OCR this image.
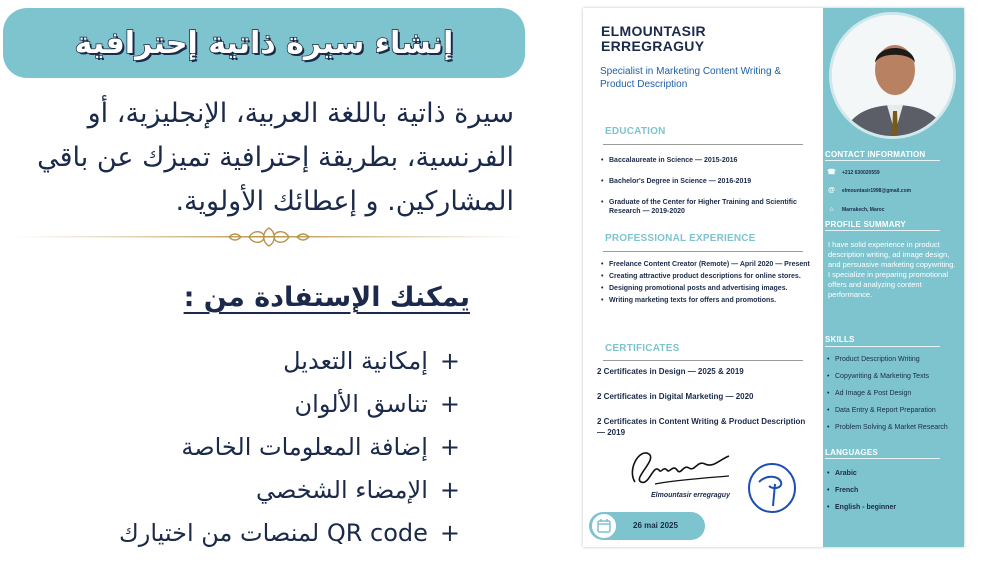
إنشاء سيرة ذاتية إحترافية
سيرة ذاتية باللغة العربية، الإنجليزية، أو الفرنسية، بطريقة إحترافية تميزك عن باقي المشاركين. و إعطائك الأولوية.
يمكنك الإستفادة من :
+إمكانية التعديل
+تناسق الألوان
+إضافة المعلومات الخاصة
+الإمضاء الشخصي
+QR code لمنصات من اختيارك
ELMOUNTASIR
ERREGRAGUY
Specialist in Marketing Content Writing & Product Description
EDUCATION
• Baccalaureate in Science — 2015-2016
• Bachelor's Degree in Science — 2016-2019
• Graduate of the Center for Higher Training and Scientific Research — 2019-2020
PROFESSIONAL EXPERIENCE
• Freelance Content Creator (Remote) — April 2020 — Present
• Creating attractive product descriptions for online stores.
• Designing promotional posts and advertising images.
• Writing marketing texts for offers and promotions.
CERTIFICATES
2 Certificates in Design — 2025 & 2019
2 Certificates in Digital Marketing — 2020
2 Certificates in Content Writing & Product Description — 2019
Elmountasir erregraguy
26 mai 2025
CONTACT INFORMATION
☎ +212 630020559
@ elmountasir1998@gmail.com
⌂	Marrakech, Maroc
PROFILE SUMMARY
I have solid experience in product description writing, ad image design, and persuasive marketing copywriting. I specialize in preparing promotional offers and analyzing content performance.
SKILLS
• Product Description Writing
• Copywriting & Marketing Texts
• Ad Image & Post Design
• Data Entry & Report Preparation
• Problem Solving & Market Research
LANGUAGES
• Arabic
• French
• English - beginner
